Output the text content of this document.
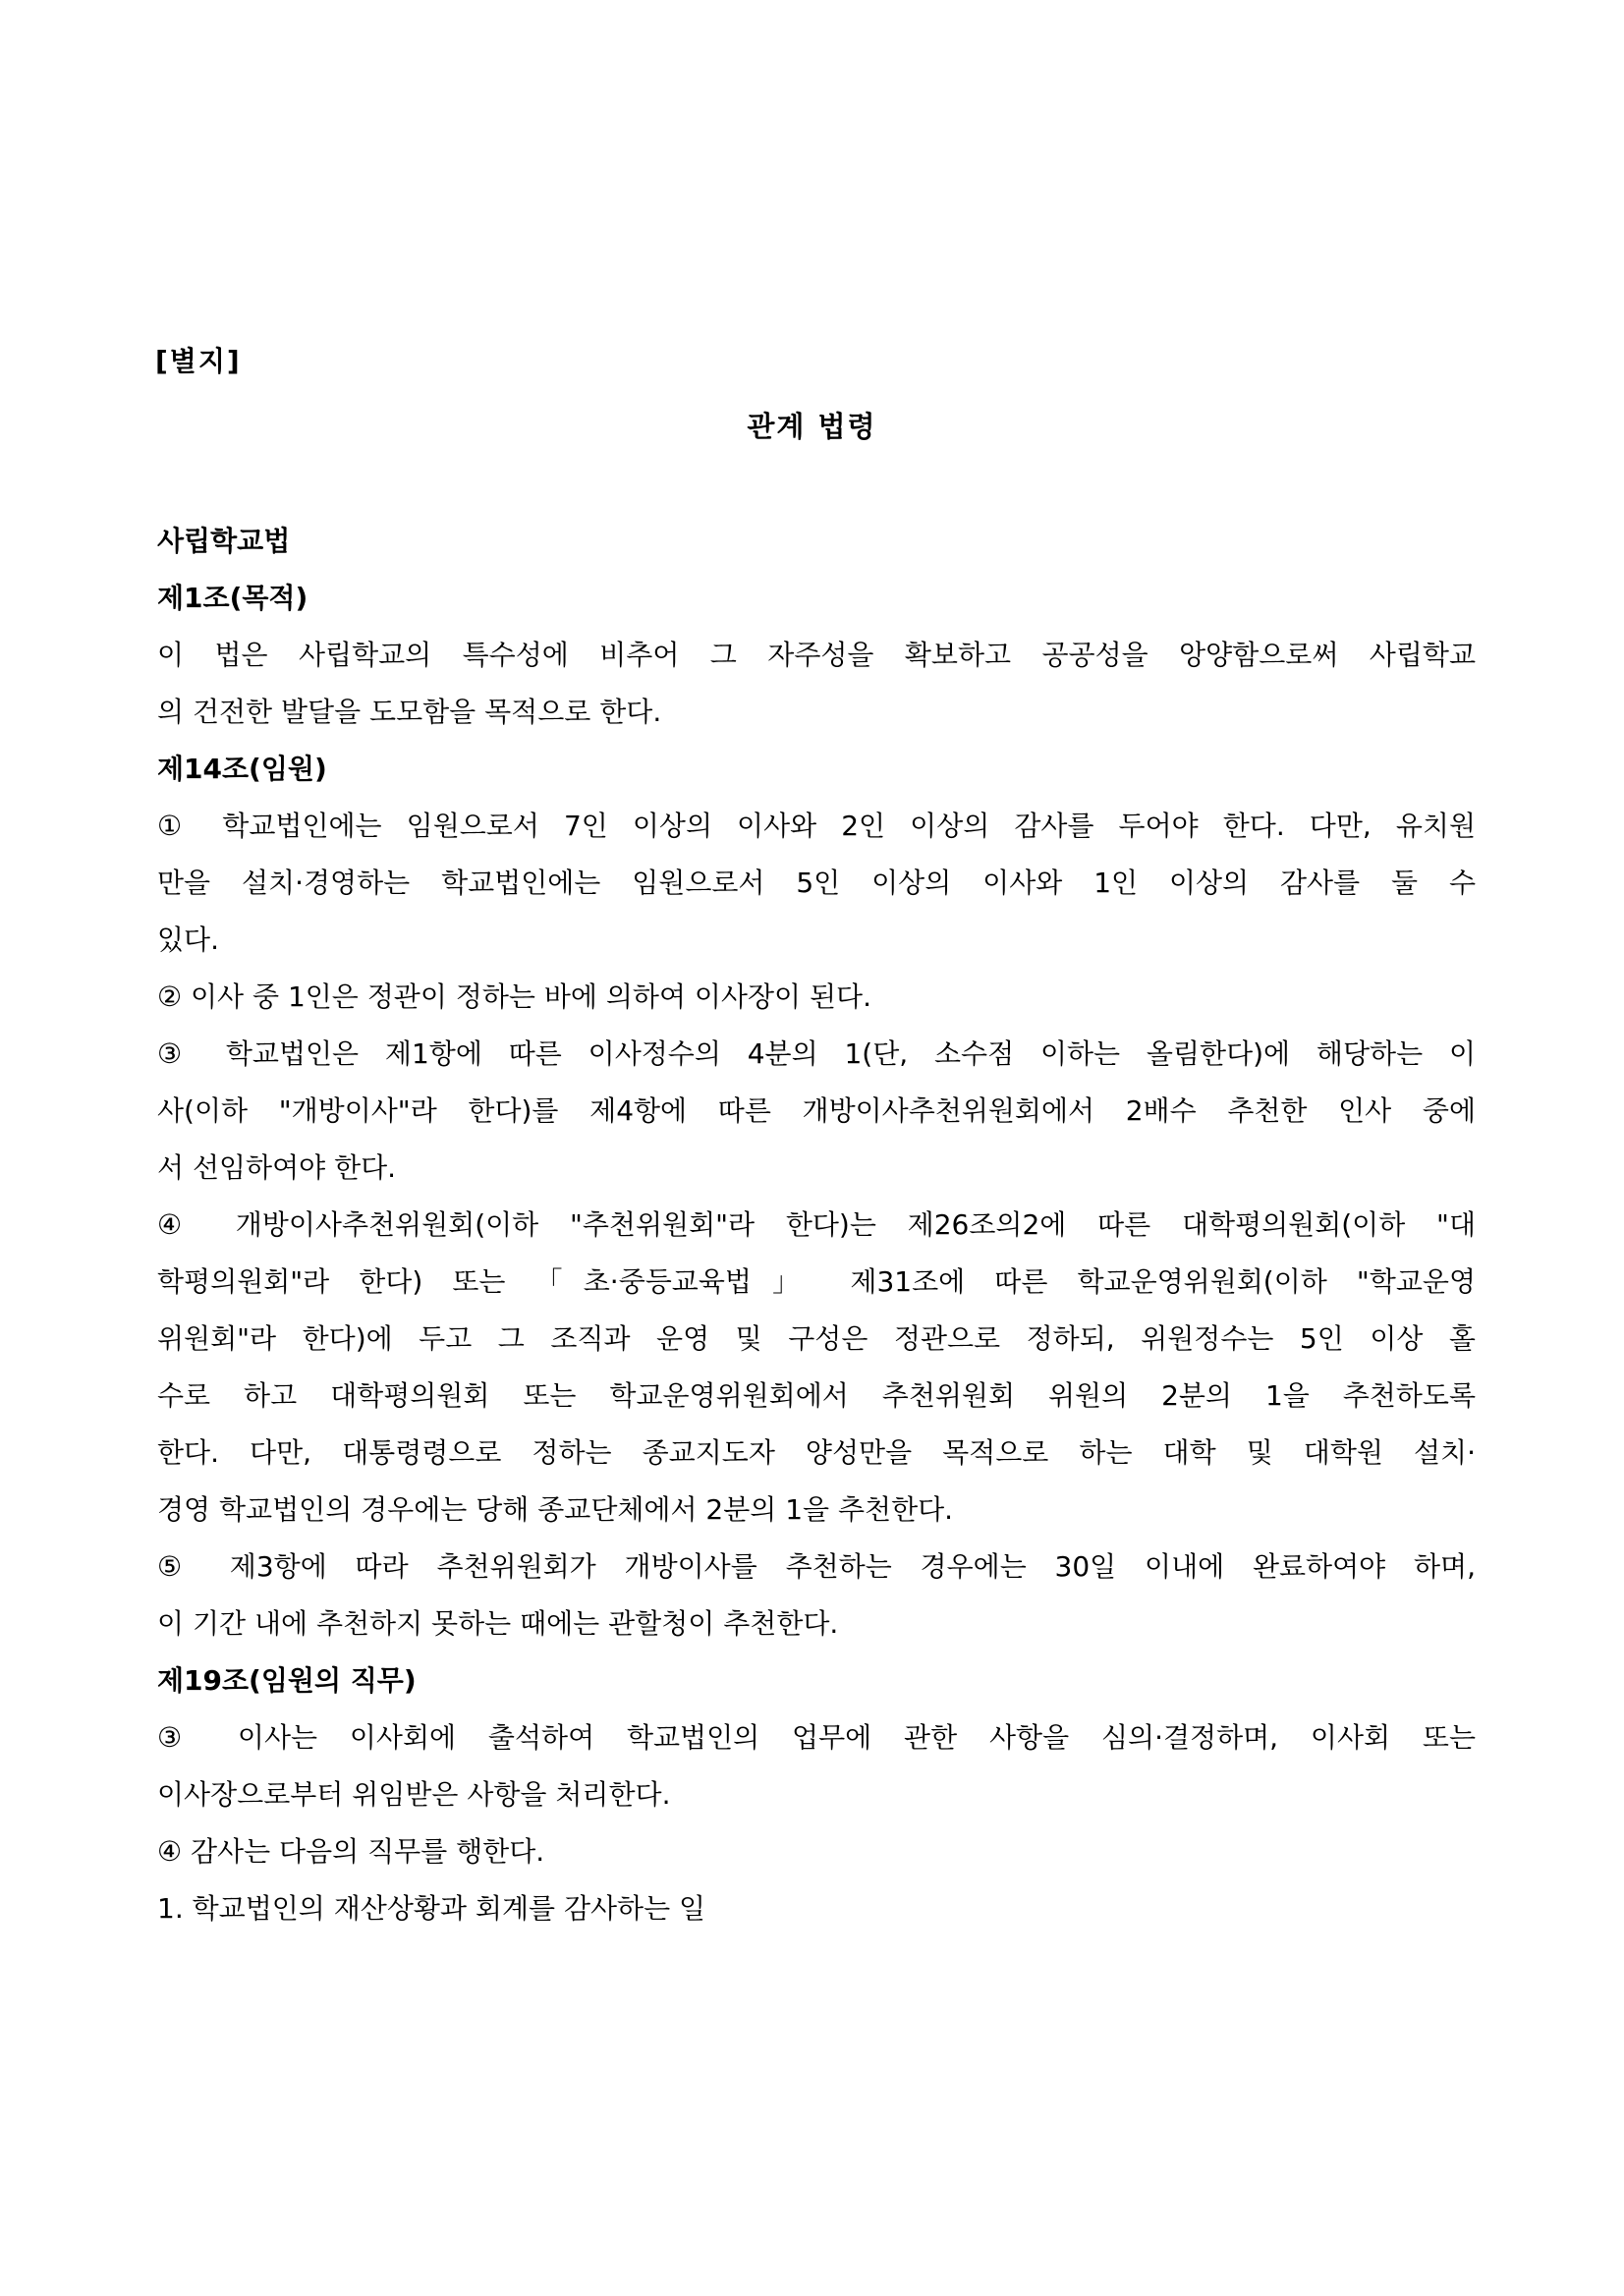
[별지]
관계 법령
사립학교법
제1조(목적)
이 법은 사립학교의 특수성에 비추어 그 자주성을 확보하고 공공성을 앙양함으로써 사립학교
의 건전한 발달을 도모함을 목적으로 한다.
제14조(임원)
① 학교법인에는 임원으로서 7인 이상의 이사와 2인 이상의 감사를 두어야 한다. 다만, 유치원
만을 설치·경영하는 학교법인에는 임원으로서 5인 이상의 이사와 1인 이상의 감사를 둘 수
있다.
② 이사 중 1인은 정관이 정하는 바에 의하여 이사장이 된다.
③ 학교법인은 제1항에 따른 이사정수의 4분의 1(단, 소수점 이하는 올림한다)에 해당하는 이
사(이하 "개방이사"라 한다)를 제4항에 따른 개방이사추천위원회에서 2배수 추천한 인사 중에
서 선임하여야 한다.
④ 개방이사추천위원회(이하 "추천위원회"라 한다)는 제26조의2에 따른 대학평의원회(이하 "대
학평의원회"라 한다) 또는 「초·중등교육법」 제31조에 따른 학교운영위원회(이하 "학교운영
위원회"라 한다)에 두고 그 조직과 운영 및 구성은 정관으로 정하되, 위원정수는 5인 이상 홀
수로 하고 대학평의원회 또는 학교운영위원회에서 추천위원회 위원의 2분의 1을 추천하도록
한다. 다만, 대통령령으로 정하는 종교지도자 양성만을 목적으로 하는 대학 및 대학원 설치·
경영 학교법인의 경우에는 당해 종교단체에서 2분의 1을 추천한다.
⑤ 제3항에 따라 추천위원회가 개방이사를 추천하는 경우에는 30일 이내에 완료하여야 하며,
이 기간 내에 추천하지 못하는 때에는 관할청이 추천한다.
제19조(임원의 직무)
③ 이사는 이사회에 출석하여 학교법인의 업무에 관한 사항을 심의·결정하며, 이사회 또는
이사장으로부터 위임받은 사항을 처리한다.
④ 감사는 다음의 직무를 행한다.
1. 학교법인의 재산상황과 회계를 감사하는 일
